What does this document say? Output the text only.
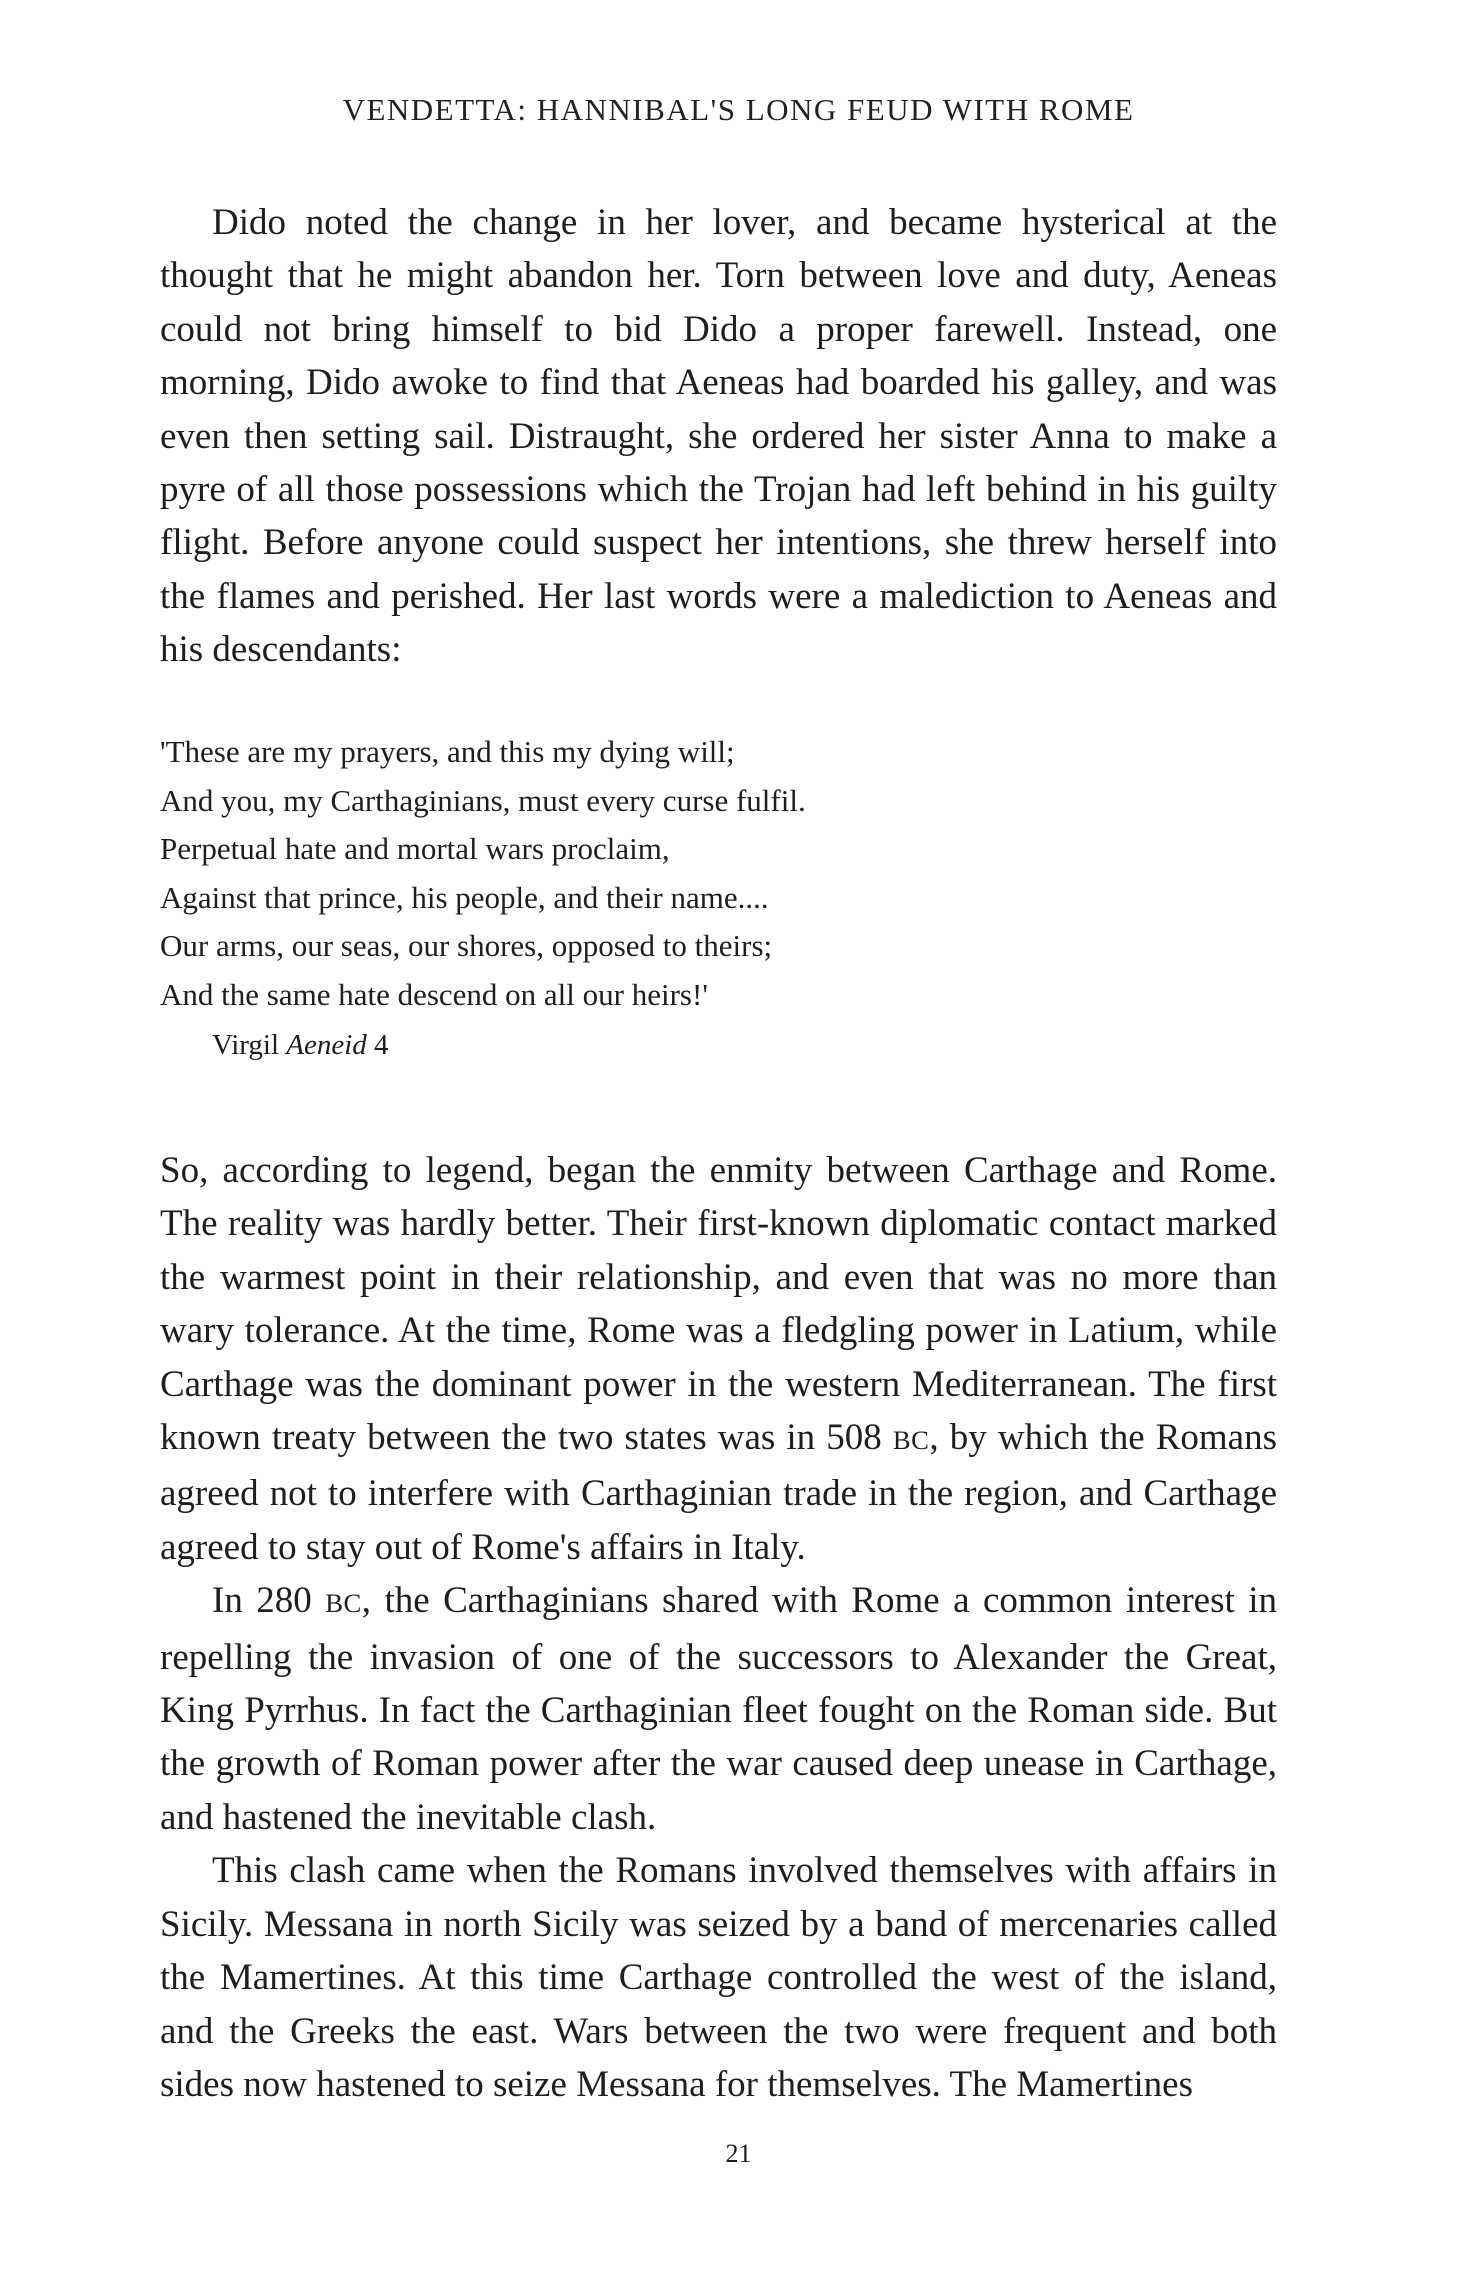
VENDETTA: HANNIBAL'S LONG FEUD WITH ROME

Dido noted the change in her lover, and became hysterical at the thought that he might abandon her. Torn between love and duty, Aeneas could not bring himself to bid Dido a proper farewell. Instead, one morning, Dido awoke to find that Aeneas had boarded his galley, and was even then setting sail. Distraught, she ordered her sister Anna to make a pyre of all those possessions which the Trojan had left behind in his guilty flight. Before anyone could suspect her intentions, she threw herself into the flames and perished. Her last words were a malediction to Aeneas and his descendants:

'These are my prayers, and this my dying will;
And you, my Carthaginians, must every curse fulfil.
Perpetual hate and mortal wars proclaim,
Against that prince, his people, and their name....
Our arms, our seas, our shores, opposed to theirs;
And the same hate descend on all our heirs!'
Virgil Aeneid 4

So, according to legend, began the enmity between Carthage and Rome. The reality was hardly better. Their first-known diplomatic contact marked the warmest point in their relationship, and even that was no more than wary tolerance. At the time, Rome was a fledgling power in Latium, while Carthage was the dominant power in the western Mediterranean. The first known treaty between the two states was in 508 BC, by which the Romans agreed not to interfere with Carthaginian trade in the region, and Carthage agreed to stay out of Rome's affairs in Italy.

In 280 BC, the Carthaginians shared with Rome a common interest in repelling the invasion of one of the successors to Alexander the Great, King Pyrrhus. In fact the Carthaginian fleet fought on the Roman side. But the growth of Roman power after the war caused deep unease in Carthage, and hastened the inevitable clash.

This clash came when the Romans involved themselves with affairs in Sicily. Messana in north Sicily was seized by a band of mercenaries called the Mamertines. At this time Carthage controlled the west of the island, and the Greeks the east. Wars between the two were frequent and both sides now hastened to seize Messana for themselves. The Mamertines

21
